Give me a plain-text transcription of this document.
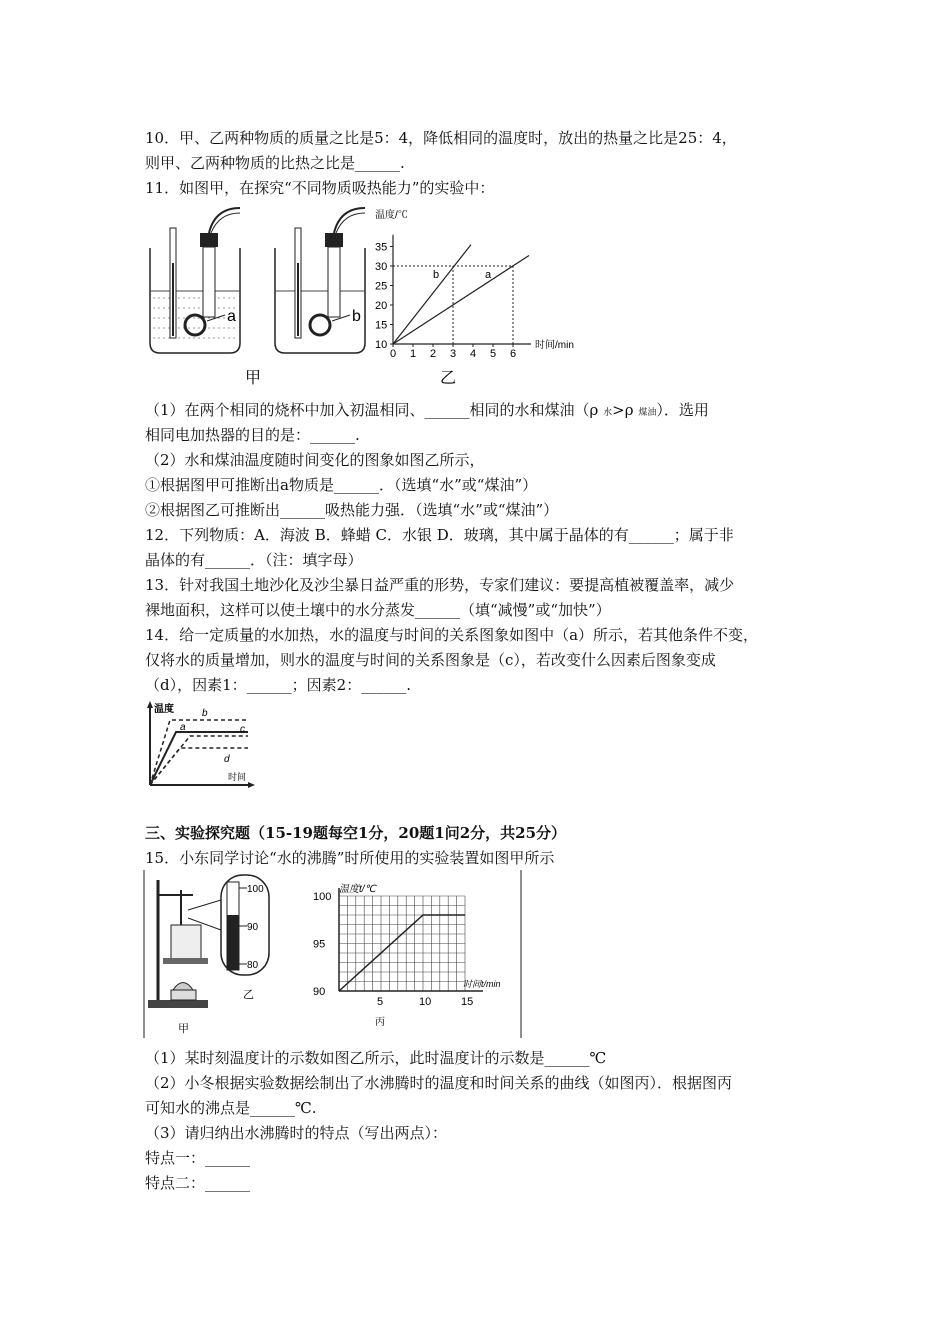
10．甲、乙两种物质的质量之比是5：4，降低相同的温度时，放出的热量之比是25：4，
则甲、乙两种物质的比热之比是______.
11．如图甲，在探究“不同物质吸热能力”的实验中：
a	b
甲	乙
温度/℃
时间/min
10
15
20
25
30
35
0 1 2 3 4 5 6
b	a
（1）在两个相同的烧杯中加入初温相同、______相同的水和煤油（ρ 水>ρ 煤油）．选用
相同电加热器的目的是：______.
（2）水和煤油温度随时间变化的图象如图乙所示，
①根据图甲可推断出a物质是______．（选填“水”或“煤油”）
②根据图乙可推断出______吸热能力强．（选填“水”或“煤油”）
12．下列物质：A．海波 B．蜂蜡 C．水银 D．玻璃，其中属于晶体的有______；属于非
晶体的有______．（注：填字母）
13．针对我国土地沙化及沙尘暴日益严重的形势，专家们建议：要提高植被覆盖率，减少
裸地面积，这样可以使土壤中的水分蒸发______（填“减慢”或“加快”）
14．给一定质量的水加热，水的温度与时间的关系图象如图中（a）所示，若其他条件不变，
仅将水的质量增加，则水的温度与时间的关系图象是（c），若改变什么因素后图象变成
（d），因素1：______；因素2：______.
温度
时间
b
a	c
d
三、实验探究题（15-19题每空1分，20题1问2分，共25分）
15．小东同学讨论“水的沸腾”时所使用的实验装置如图甲所示
甲
100
90
80
乙
温度t/℃
时间t/min
丙
90
95
100
5	10	15
（1）某时刻温度计的示数如图乙所示，此时温度计的示数是______℃
（2）小冬根据实验数据绘制出了水沸腾时的温度和时间关系的曲线（如图丙）．根据图丙
可知水的沸点是______℃.
（3）请归纳出水沸腾时的特点（写出两点）：
特点一：______
特点二：______
